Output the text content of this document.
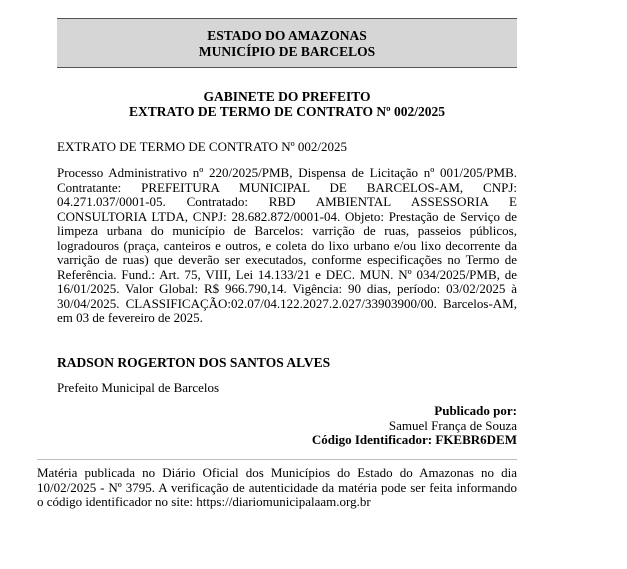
ESTADO DO AMAZONAS
MUNICÍPIO DE BARCELOS
GABINETE DO PREFEITO
EXTRATO DE TERMO DE CONTRATO Nº 002/2025
EXTRATO DE TERMO DE CONTRATO Nº 002/2025

Processo Administrativo nº 220/2025/PMB, Dispensa de Licitação nº 001/205/PMB. Contratante: PREFEITURA MUNICIPAL DE BARCELOS-AM, CNPJ: 04.271.037/0001-05. Contratado: RBD AMBIENTAL ASSESSORIA E CONSULTORIA LTDA, CNPJ: 28.682.872/0001-04. Objeto: Prestação de Serviço de limpeza urbana do município de Barcelos: varrição de ruas, passeios públicos, logradouros (praça, canteiros e outros, e coleta do lixo urbano e/ou lixo decorrente da varrição de ruas) que deverão ser executados, conforme especificações no Termo de Referência. Fund.: Art. 75, VIII, Lei 14.133/21 e DEC. MUN. Nº 034/2025/PMB, de 16/01/2025. Valor Global: R$ 966.790,14. Vigência: 90 dias, período: 03/02/2025 à 30/04/2025. CLASSIFICAÇÃO:02.07/04.122.2027.2.027/33903900/00. Barcelos-AM, em 03 de fevereiro de 2025.

RADSON ROGERTON DOS SANTOS ALVES
Prefeito Municipal de Barcelos
Publicado por:
Samuel França de Souza
Código Identificador: FKEBR6DEM

Matéria publicada no Diário Oficial dos Municípios do Estado do Amazonas no dia 10/02/2025 - Nº 3795. A verificação de autenticidade da matéria pode ser feita informando o código identificador no site: https://diariomunicipalaam.org.br
